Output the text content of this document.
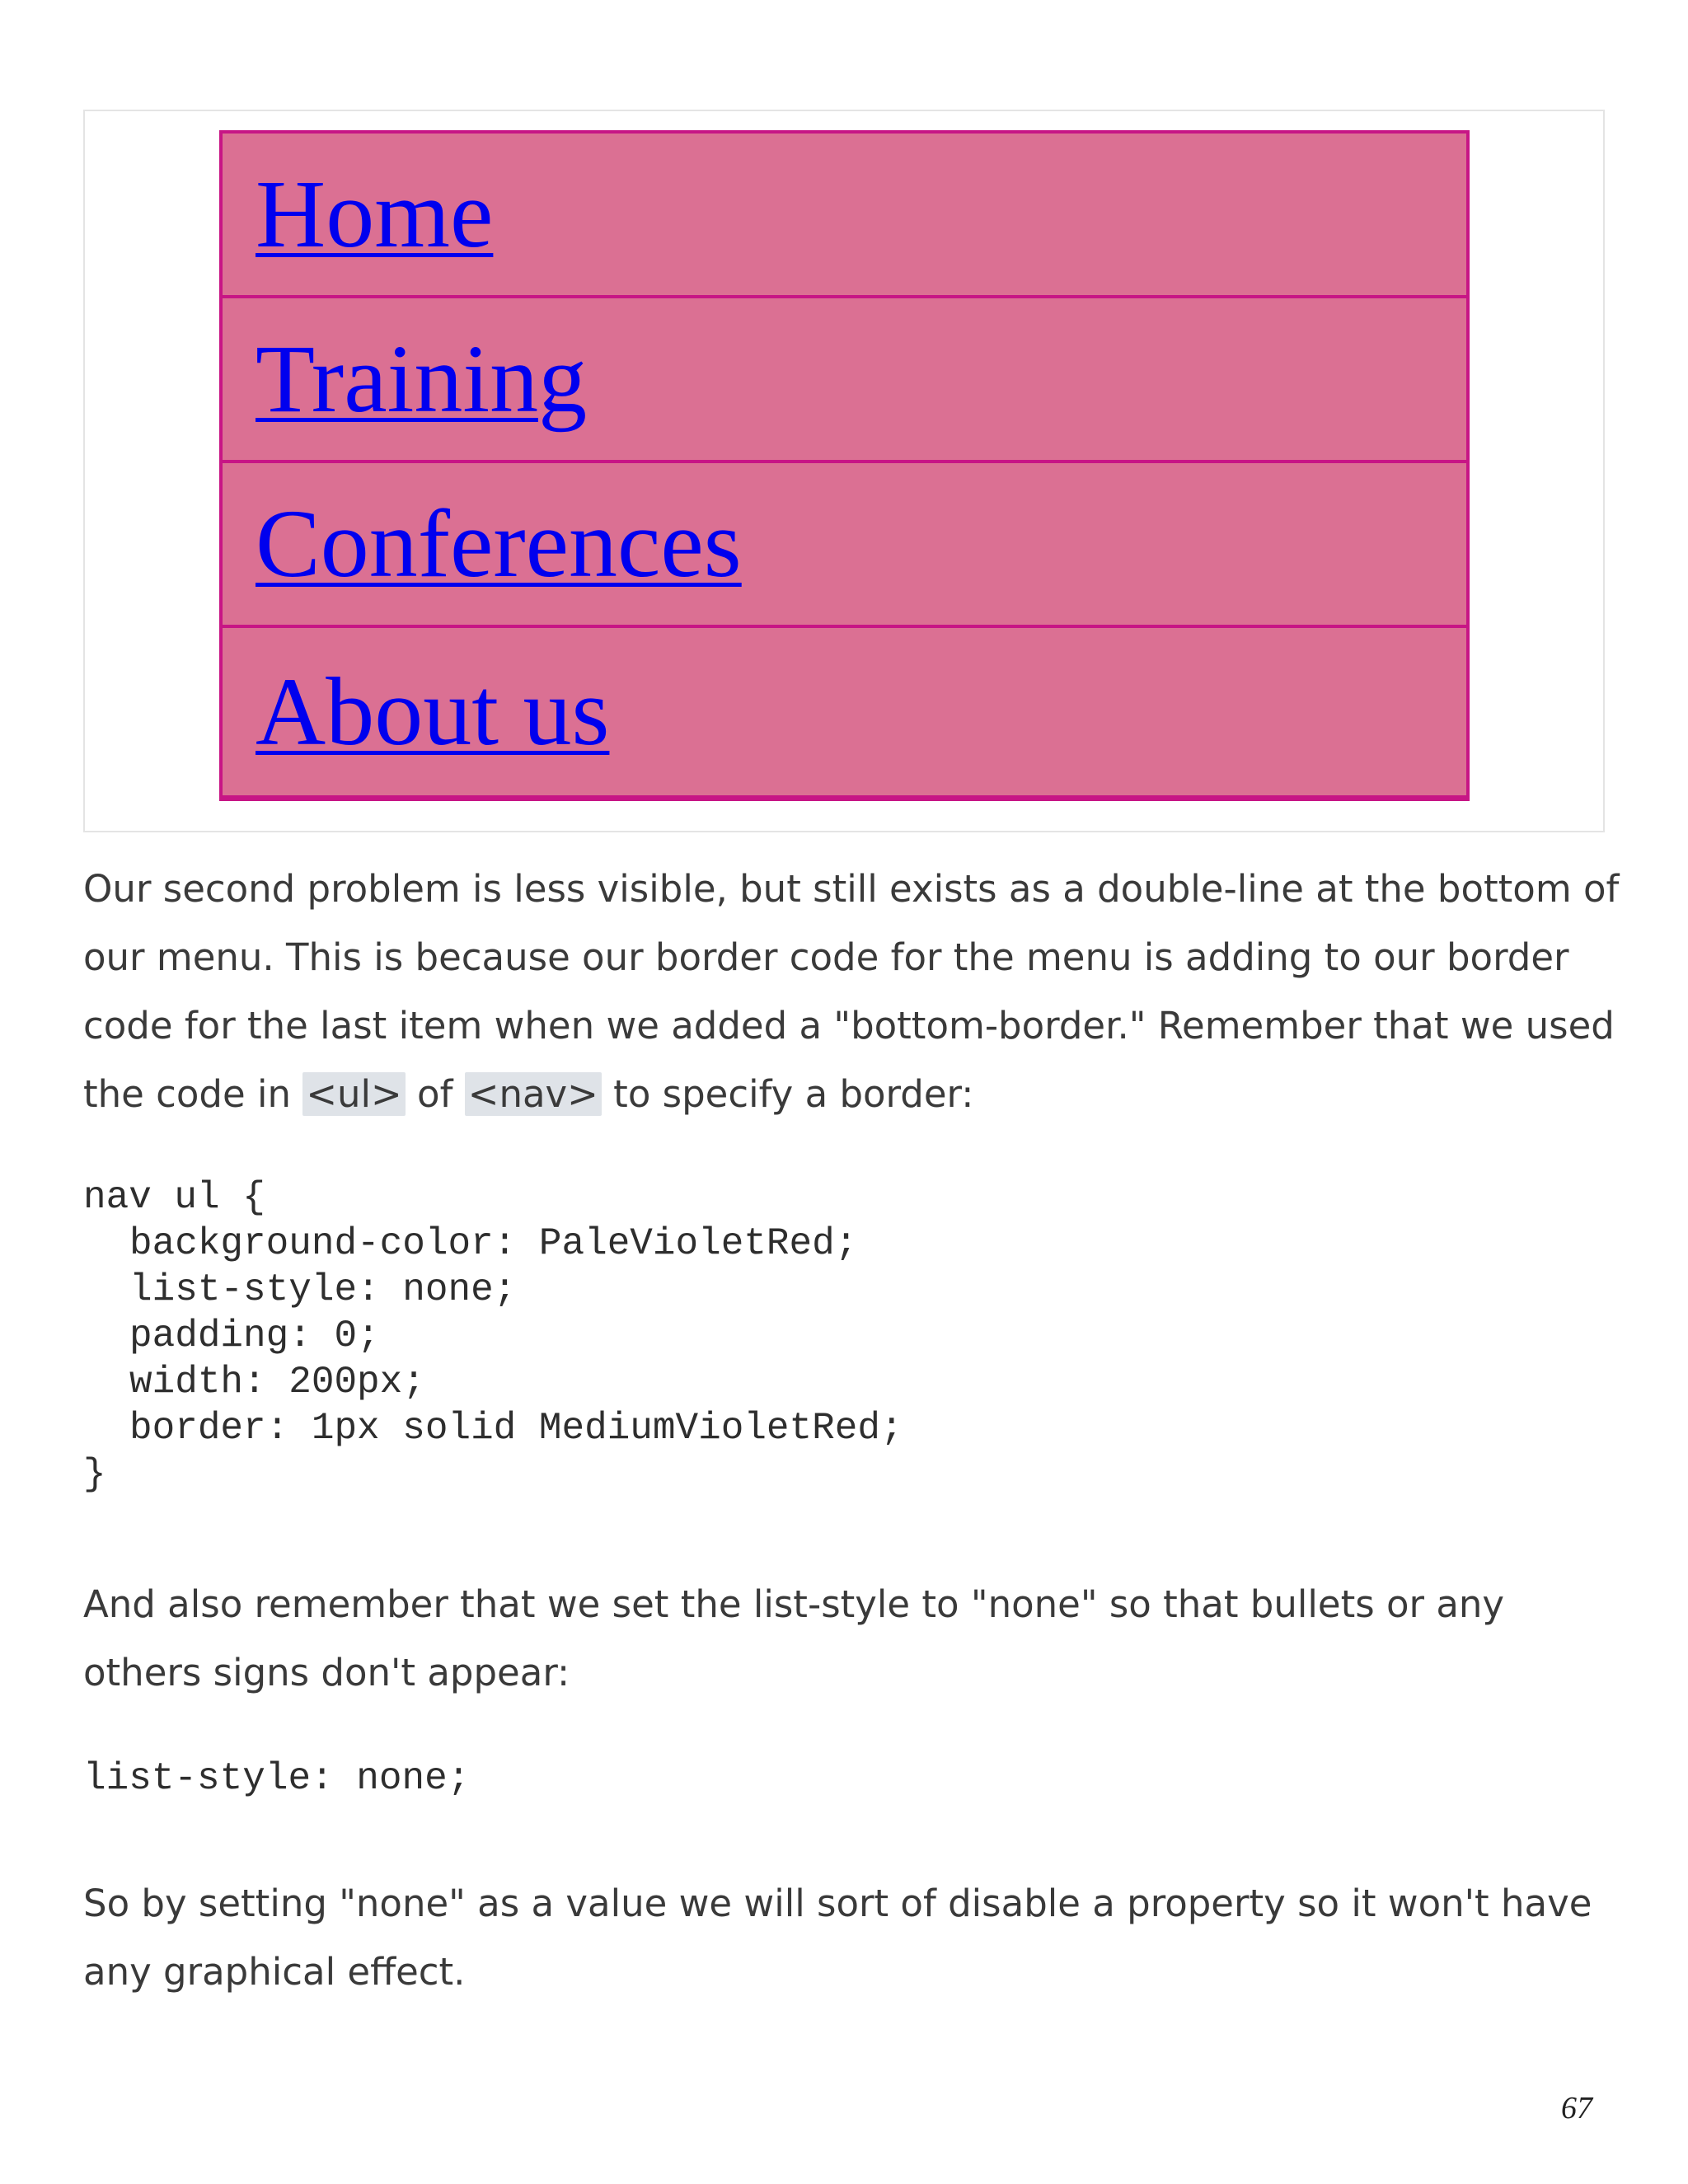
Home
Training
Conferences
About us

Our second problem is less visible, but still exists as a double-line at the bottom of our menu. This is because our border code for the menu is adding to our border code for the last item when we added a "bottom-border." Remember that we used the code in <ul> of <nav> to specify a border:

nav ul {
background-color: PaleVioletRed;
list-style: none;
padding: 0;
width: 200px;
border: 1px solid MediumVioletRed;
}

And also remember that we set the list-style to "none" so that bullets or any others signs don't appear:

list-style: none;

So by setting "none" as a value we will sort of disable a property so it won't have any graphical effect.

67
